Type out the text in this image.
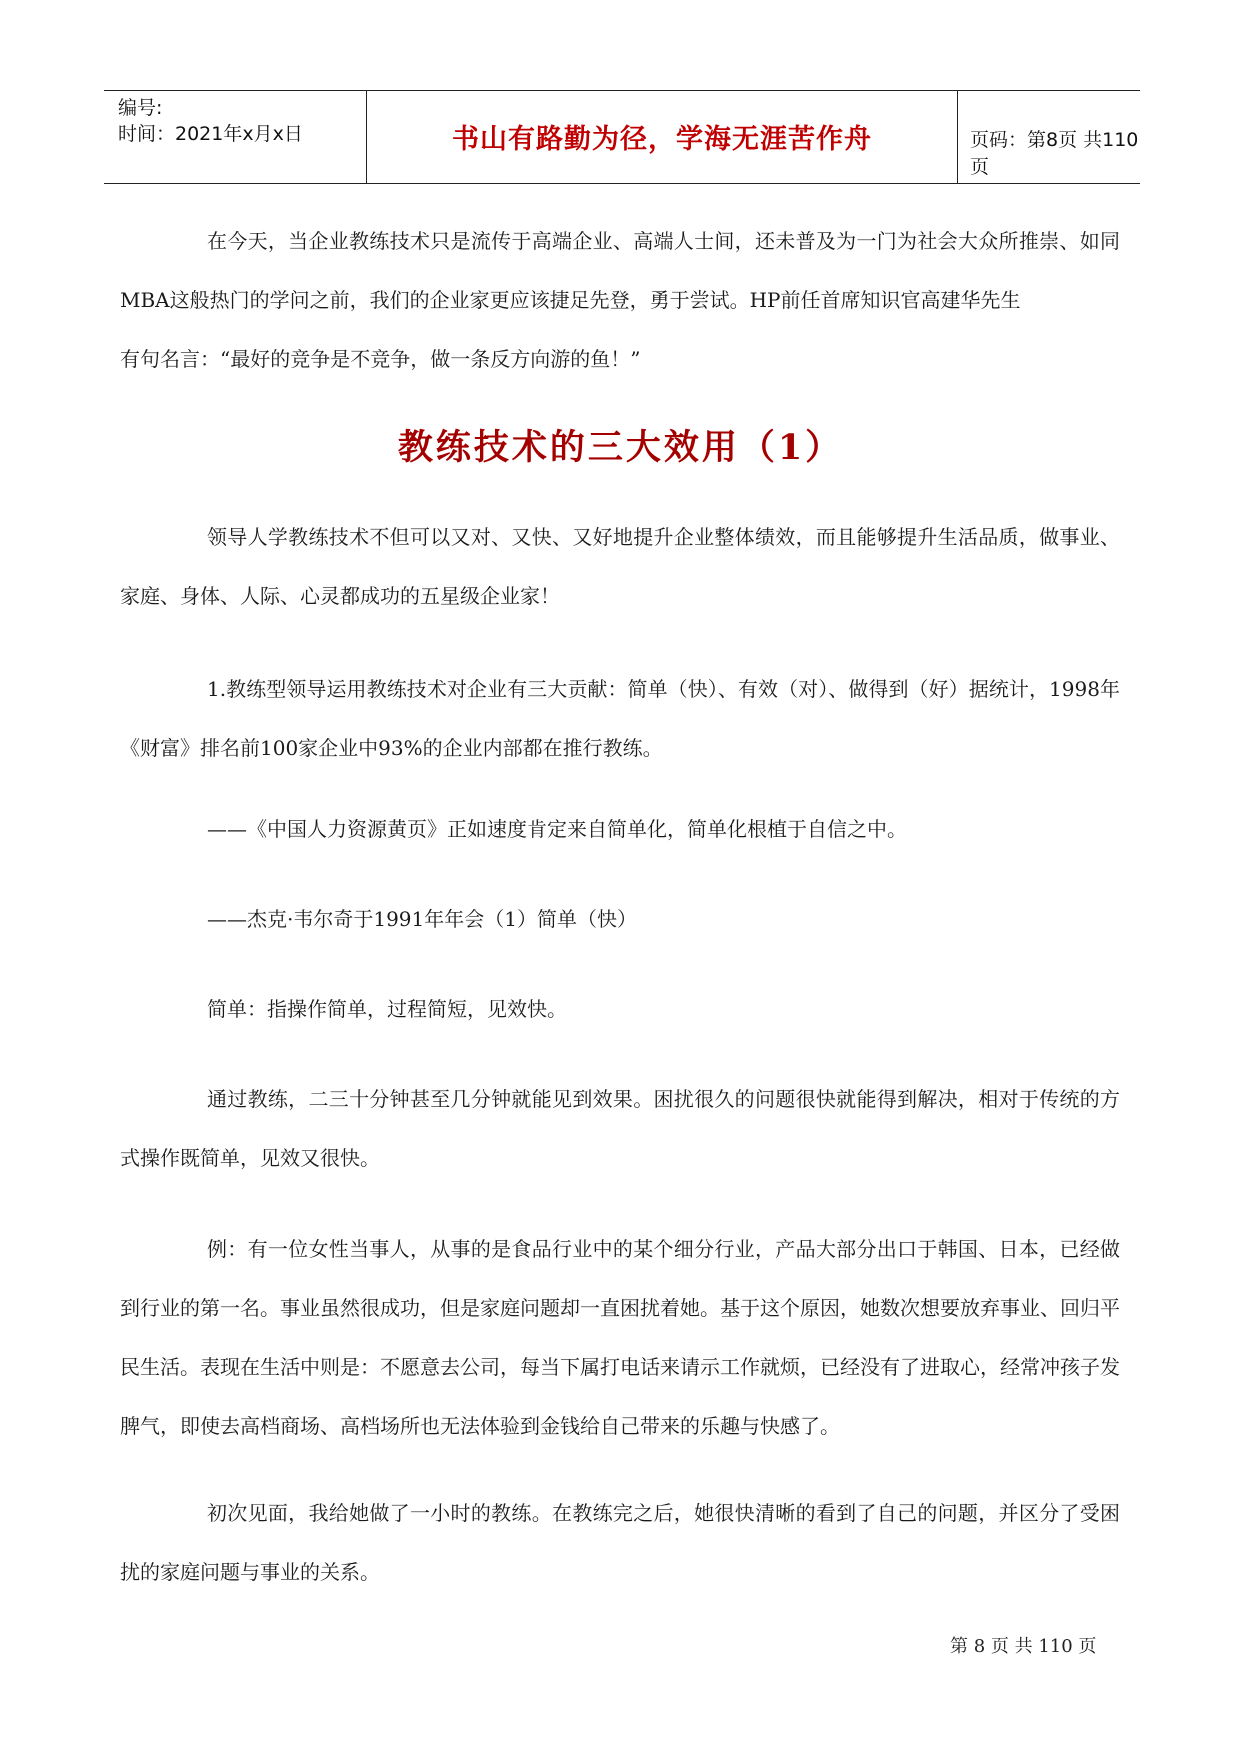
编号:
时间：2021年x月x日	书山有路勤为径，学海无涯苦作舟	页码：第8页 共110页
在今天，当企业教练技术只是流传于高端企业、高端人士间，还未普及为一门为社会大众所推崇、如同MBA这般热门的学问之前，我们的企业家更应该捷足先登，勇于尝试。HP前任首席知识官高建华先生
有句名言：“最好的竞争是不竞争，做一条反方向游的鱼！”
教练技术的三大效用（1）
领导人学教练技术不但可以又对、又快、又好地提升企业整体绩效，而且能够提升生活品质，做事业、家庭、身体、人际、心灵都成功的五星级企业家！
1.教练型领导运用教练技术对企业有三大贡献：简单（快）、有效（对）、做得到（好）据统计，1998年《财富》排名前100家企业中93%的企业内部都在推行教练。
——《中国人力资源黄页》正如速度肯定来自简单化，简单化根植于自信之中。
——杰克·韦尔奇于1991年年会（1）简单（快）
简单：指操作简单，过程简短，见效快。
通过教练，二三十分钟甚至几分钟就能见到效果。困扰很久的问题很快就能得到解决，相对于传统的方式操作既简单，见效又很快。
例：有一位女性当事人，从事的是食品行业中的某个细分行业，产品大部分出口于韩国、日本，已经做到行业的第一名。事业虽然很成功，但是家庭问题却一直困扰着她。基于这个原因，她数次想要放弃事业、回归平民生活。表现在生活中则是：不愿意去公司，每当下属打电话来请示工作就烦，已经没有了进取心，经常冲孩子发脾气，即使去高档商场、高档场所也无法体验到金钱给自己带来的乐趣与快感了。
初次见面，我给她做了一小时的教练。在教练完之后，她很快清晰的看到了自己的问题，并区分了受困扰的家庭问题与事业的关系。
第 8 页 共 110 页
